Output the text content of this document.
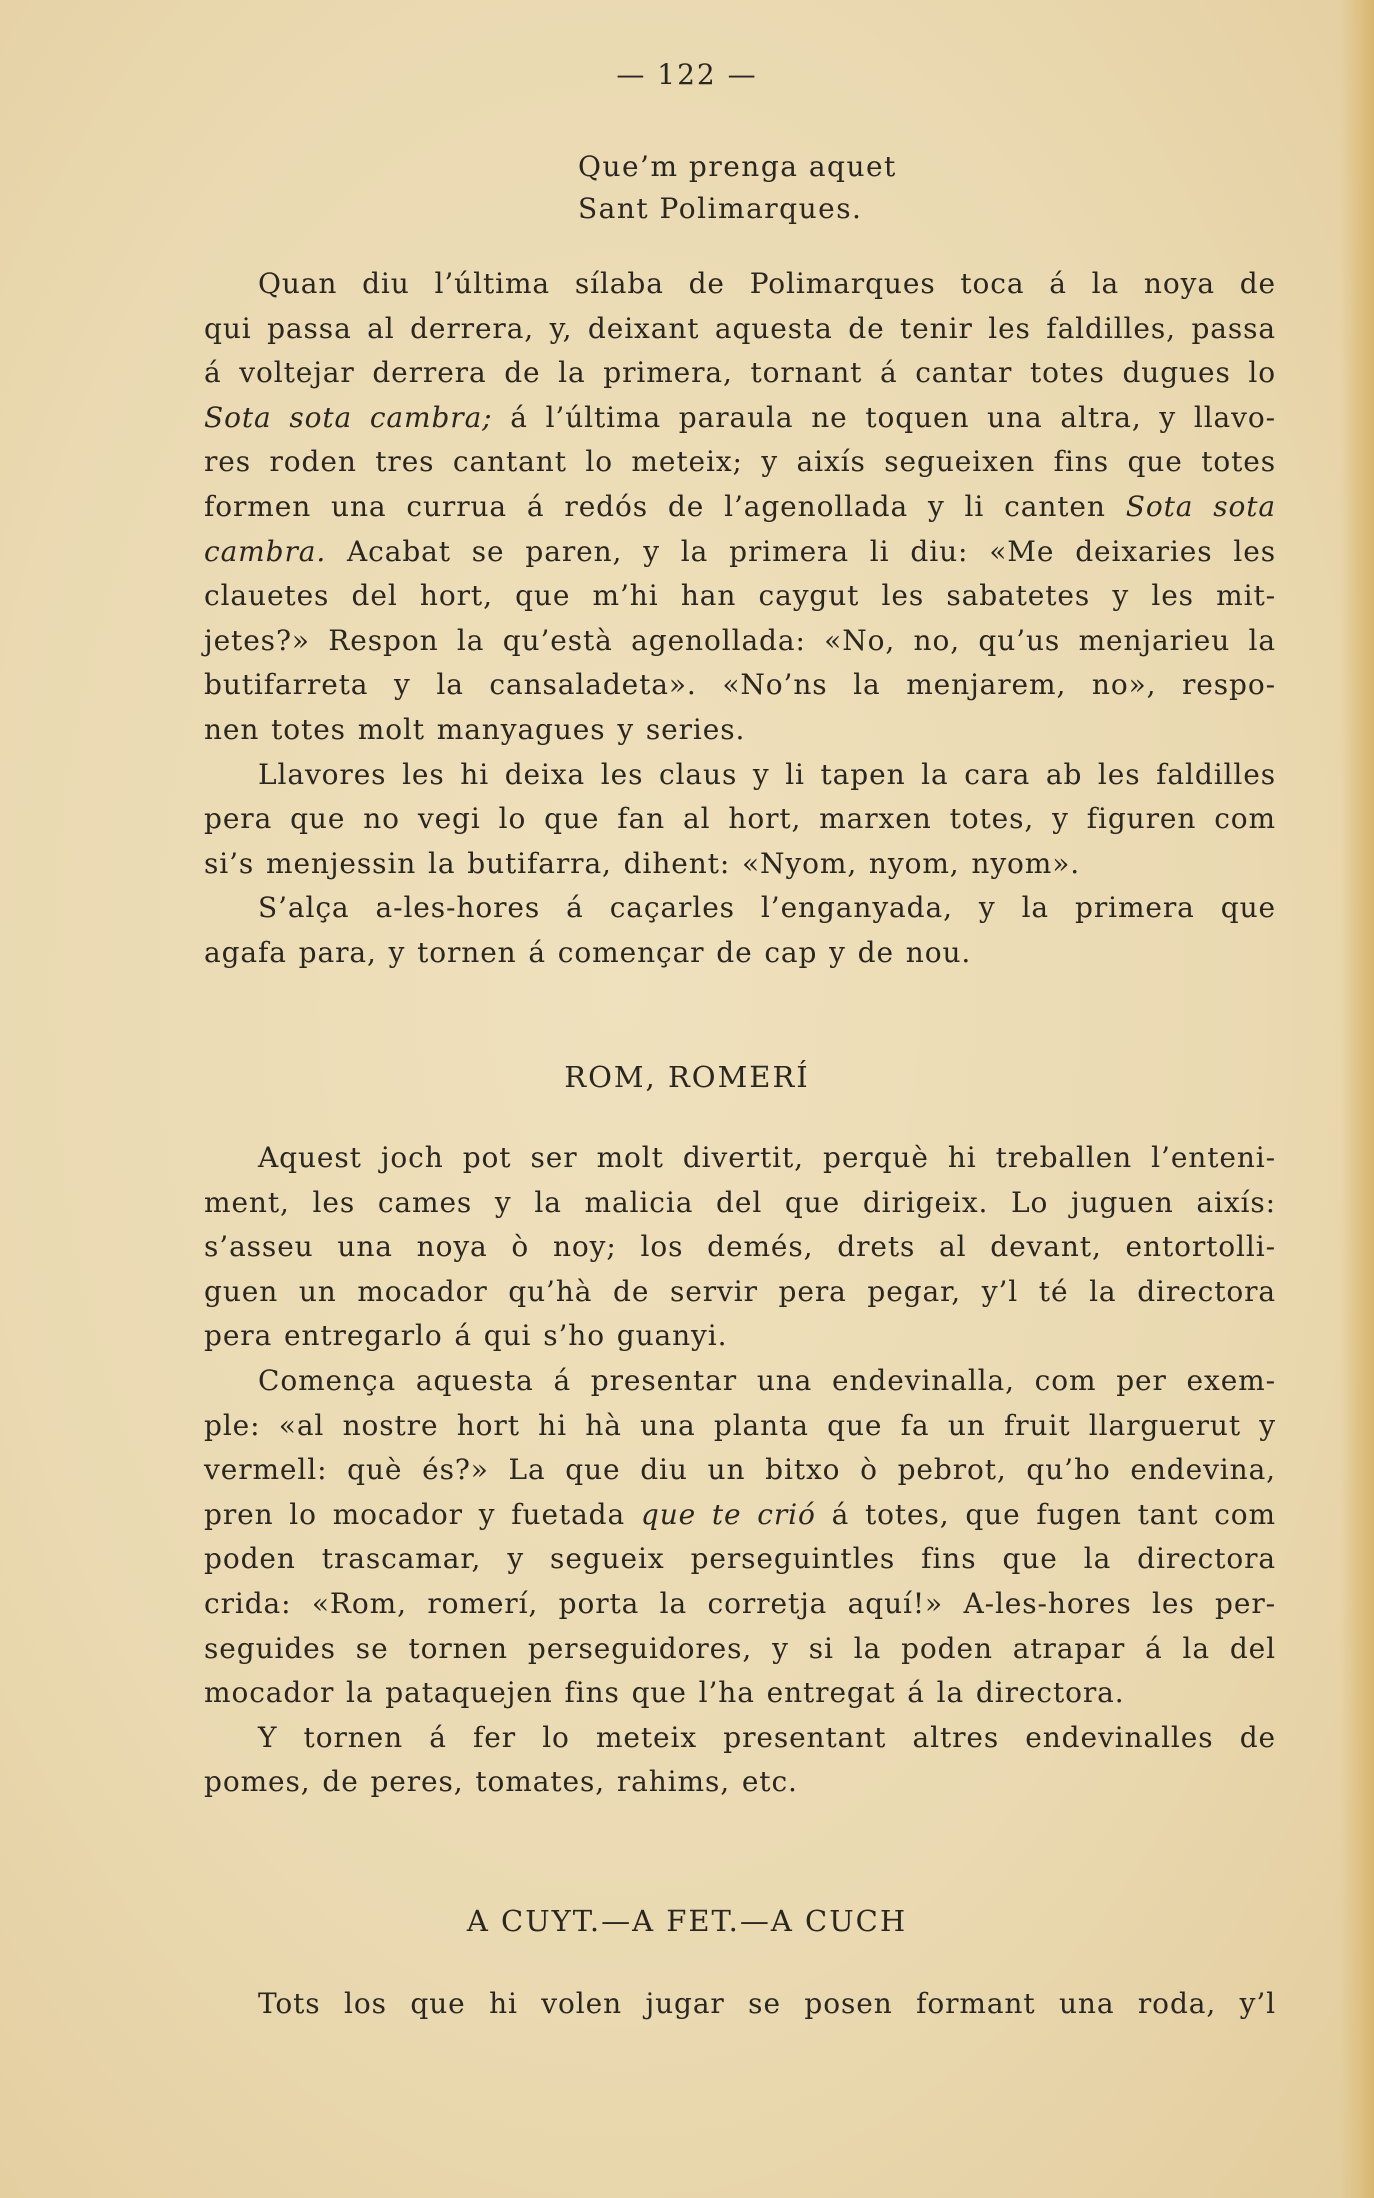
— 122 —
Que’m prenga aquet
Sant Polimarques.

Quan diu l’última sílaba de Polimarques toca á la noya de
qui passa al derrera, y, deixant aquesta de tenir les faldilles, passa
á voltejar derrera de la primera, tornant á cantar totes dugues lo
Sota sota cambra; á l’última paraula ne toquen una altra, y llavo-
res roden tres cantant lo meteix; y aixís segueixen fins que totes
formen una currua á redós de l’agenollada y li canten Sota sota
cambra. Acabat se paren, y la primera li diu: «Me deixaries les
clauetes del hort, que m’hi han caygut les sabatetes y les mit-
jetes?» Respon la qu’està agenollada: «No, no, qu’us menjarieu la
butifarreta y la cansaladeta». «No’ns la menjarem, no», respo-
nen totes molt manyagues y series.

Llavores les hi deixa les claus y li tapen la cara ab les faldilles
pera que no vegi lo que fan al hort, marxen totes, y figuren com
si’s menjessin la butifarra, dihent: «Nyom, nyom, nyom».

S’alça a-les-hores á caçarles l’enganyada, y la primera que
agafa para, y tornen á començar de cap y de nou.

ROM, ROMERÍ

Aquest joch pot ser molt divertit, perquè hi treballen l’enteni-
ment, les cames y la malicia del que dirigeix. Lo juguen aixís:
s’asseu una noya ò noy; los demés, drets al devant, entortolli-
guen un mocador qu’hà de servir pera pegar, y’l té la directora
pera entregarlo á qui s’ho guanyi.

Comença aquesta á presentar una endevinalla, com per exem-
ple: «al nostre hort hi hà una planta que fa un fruit llarguerut y
vermell: què és?» La que diu un bitxo ò pebrot, qu’ho endevina,
pren lo mocador y fuetada que te crió á totes, que fugen tant com
poden trascamar, y segueix perseguintles fins que la directora
crida: «Rom, romerí, porta la corretja aquí!» A-les-hores les per-
seguides se tornen perseguidores, y si la poden atrapar á la del
mocador la pataquejen fins que l’ha entregat á la directora.

Y tornen á fer lo meteix presentant altres endevinalles de
pomes, de peres, tomates, rahims, etc.

A CUYT.—A FET.—A CUCH

Tots los que hi volen jugar se posen formant una roda, y’l
